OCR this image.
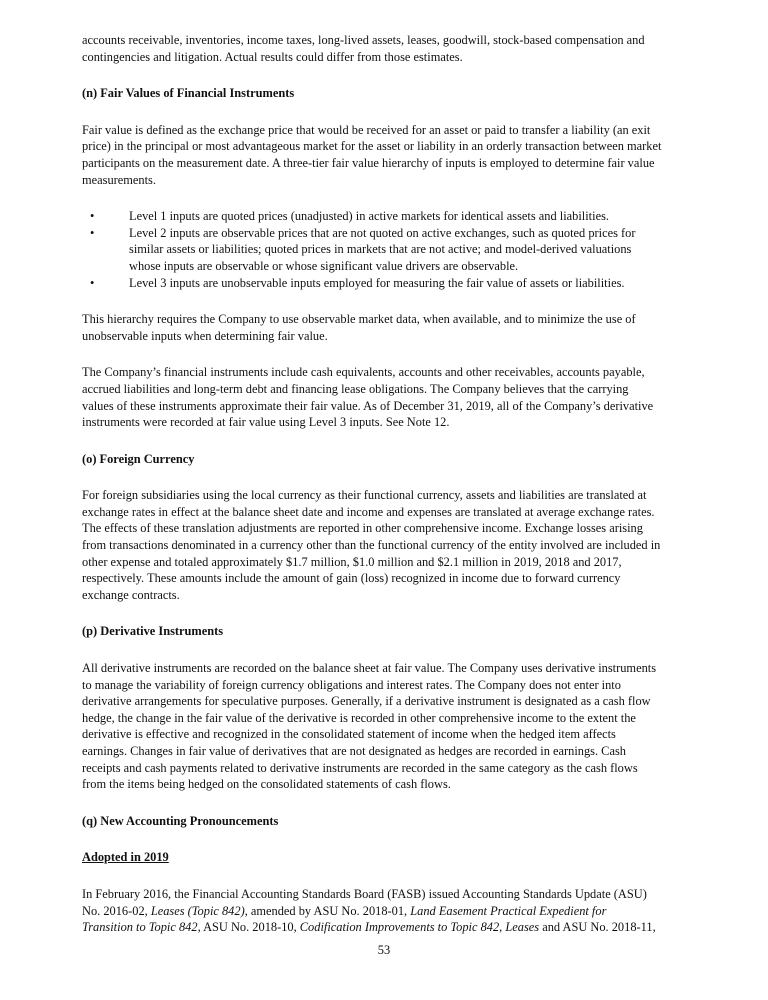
accounts receivable, inventories, income taxes, long-lived assets, leases, goodwill, stock-based compensation and
contingencies and litigation. Actual results could differ from those estimates.
(n) Fair Values of Financial Instruments
Fair value is defined as the exchange price that would be received for an asset or paid to transfer a liability (an exit
price) in the principal or most advantageous market for the asset or liability in an orderly transaction between market
participants on the measurement date. A three-tier fair value hierarchy of inputs is employed to determine fair value
measurements.
•	Level 1 inputs are quoted prices (unadjusted) in active markets for identical assets and liabilities.
•	Level 2 inputs are observable prices that are not quoted on active exchanges, such as quoted prices for
similar assets or liabilities; quoted prices in markets that are not active; and model-derived valuations
whose inputs are observable or whose significant value drivers are observable.
•	Level 3 inputs are unobservable inputs employed for measuring the fair value of assets or liabilities.
This hierarchy requires the Company to use observable market data, when available, and to minimize the use of
unobservable inputs when determining fair value.
The Company’s financial instruments include cash equivalents, accounts and other receivables, accounts payable,
accrued liabilities and long-term debt and financing lease obligations. The Company believes that the carrying
values of these instruments approximate their fair value. As of December 31, 2019, all of the Company’s derivative
instruments were recorded at fair value using Level 3 inputs. See Note 12.
(o) Foreign Currency
For foreign subsidiaries using the local currency as their functional currency, assets and liabilities are translated at
exchange rates in effect at the balance sheet date and income and expenses are translated at average exchange rates.
The effects of these translation adjustments are reported in other comprehensive income. Exchange losses arising
from transactions denominated in a currency other than the functional currency of the entity involved are included in
other expense and totaled approximately $1.7 million, $1.0 million and $2.1 million in 2019, 2018 and 2017,
respectively. These amounts include the amount of gain (loss) recognized in income due to forward currency
exchange contracts.
(p) Derivative Instruments
All derivative instruments are recorded on the balance sheet at fair value. The Company uses derivative instruments
to manage the variability of foreign currency obligations and interest rates. The Company does not enter into
derivative arrangements for speculative purposes. Generally, if a derivative instrument is designated as a cash flow
hedge, the change in the fair value of the derivative is recorded in other comprehensive income to the extent the
derivative is effective and recognized in the consolidated statement of income when the hedged item affects
earnings. Changes in fair value of derivatives that are not designated as hedges are recorded in earnings. Cash
receipts and cash payments related to derivative instruments are recorded in the same category as the cash flows
from the items being hedged on the consolidated statements of cash flows.
(q) New Accounting Pronouncements
Adopted in 2019
In February 2016, the Financial Accounting Standards Board (FASB) issued Accounting Standards Update (ASU)
No. 2016-02, Leases (Topic 842), amended by ASU No. 2018-01, Land Easement Practical Expedient for
Transition to Topic 842, ASU No. 2018-10, Codification Improvements to Topic 842, Leases and ASU No. 2018-11,
53
